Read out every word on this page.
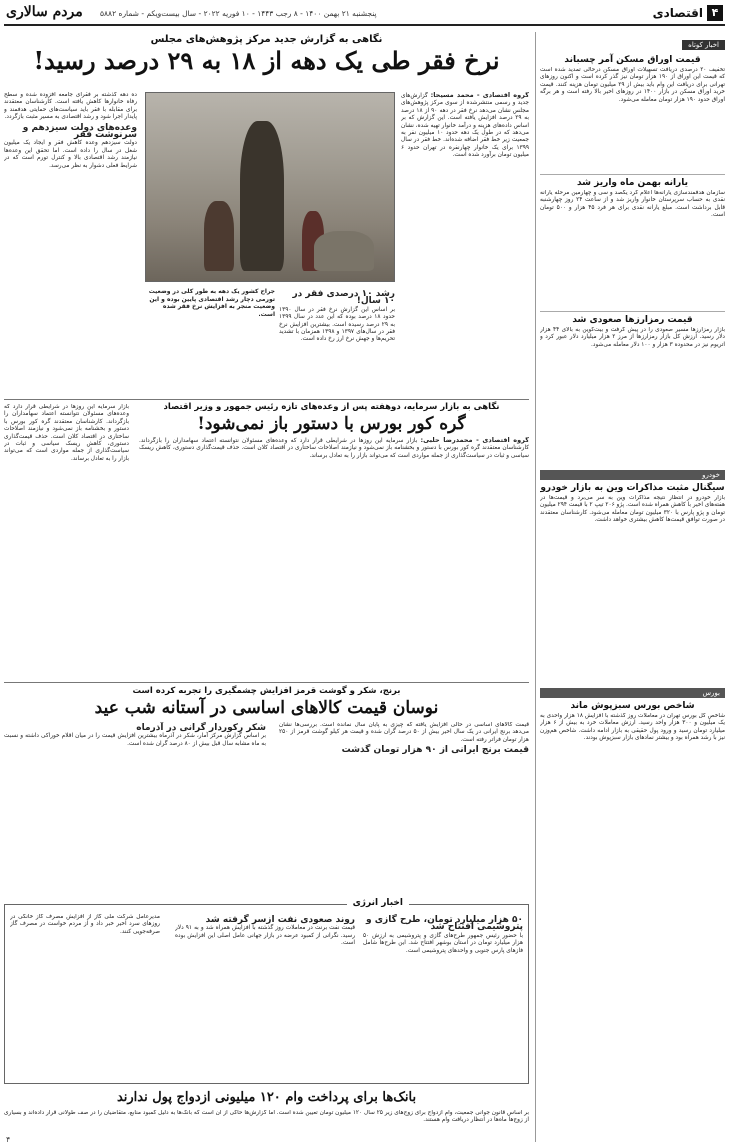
۴
اقتصادی
پنجشنبه ۲۱ بهمن ۱۴۰۰ - ۸ رجب ۱۴۴۳ - ۱۰ فوریه ۲۰۲۲ - سال بیست‌ویکم - شماره ۵۸۸۲
مردم سالاری
اخبار کوتاه
قیمت اوراق مسکن آمر چسباند
تخفیف ۲۰ درصدی دریافت تسهیلات اوراق مسکن درحالی تمدید شده است که قیمت این اوراق از ۱۹۰ هزار تومان نیز گذر کرده است و اکنون روزهای تهرانی برای دریافت این وام باید بیش از ۲۹ میلیون تومان هزینه کنند. قیمت خرید اوراق مسکن در بازار ۱۴۰۰ در روزهای اخیر بالا رفته است و هر برگه اوراق حدود ۱۹۰ هزار تومان معامله می‌شود.
یارانه بهمن ماه واریز شد
سازمان هدفمندسازی یارانه‌ها اعلام کرد یکصد و سی و چهارمین مرحله یارانه نقدی به حساب سرپرستان خانوار واریز شد و از ساعت ۲۴ روز چهارشنبه قابل برداشت است. مبلغ یارانه نقدی برای هر فرد ۴۵ هزار و ۵۰۰ تومان است.
قیمت رمزارزها صعودی شد
بازار رمزارزها مسیر صعودی را در پیش گرفت و بیت‌کوین به بالای ۴۴ هزار دلار رسید. ارزش کل بازار رمزارزها از مرز ۲ هزار میلیارد دلار عبور کرد و اتریوم نیز در محدوده ۳ هزار و ۱۰۰ دلار معامله می‌شود.
خودرو
سیگنال مثبت مذاکرات وین به بازار خودرو
بازار خودرو در انتظار نتیجه مذاکرات وین به سر می‌برد و قیمت‌ها در هفته‌های اخیر با کاهش همراه شده است. پژو ۲۰۶ تیپ ۲ با قیمت ۲۹۴ میلیون تومان و پژو پارس با ۳۲۰ میلیون تومان معامله می‌شود. کارشناسان معتقدند در صورت توافق قیمت‌ها کاهش بیشتری خواهد داشت.
بورس
شاخص بورس سبزپوش ماند
شاخص کل بورس تهران در معاملات روز گذشته با افزایش ۱۸ هزار واحدی به یک میلیون و ۳۰۰ هزار واحد رسید. ارزش معاملات خرد به بیش از ۶ هزار میلیارد تومان رسید و ورود پول حقیقی به بازار ادامه داشت. شاخص هم‌وزن نیز با رشد همراه بود و بیشتر نمادهای بازار سبزپوش بودند.
نگاهی به گزارش جدید مرکز پژوهش‌های مجلس
نرخ فقر طی یک دهه از ۱۸ به ۲۹ درصد رسید!
گروه اقتصادی - محمد مسیحا: گزارش‌های جدید و رسمی منتشرشده از سوی مرکز پژوهش‌های مجلس نشان می‌دهد نرخ فقر در دهه ۹۰ از ۱۸ درصد به ۲۹ درصد افزایش یافته است. این گزارش که بر اساس داده‌های هزینه و درآمد خانوار تهیه شده، نشان می‌دهد که در طول یک دهه حدود ۱۰ میلیون نفر به جمعیت زیر خط فقر اضافه شده‌اند. خط فقر در سال ۱۳۹۹ برای یک خانوار چهارنفره در تهران حدود ۶ میلیون تومان برآورد شده است.
ده دهه گذشته بر فقرای جامعه افزوده شده و سطح رفاه خانوارها کاهش یافته است. کارشناسان معتقدند برای مقابله با فقر باید سیاست‌های حمایتی هدفمند و پایدار اجرا شود و رشد اقتصادی به مسیر مثبت بازگردد.
وعده‌های دولت سیزدهم و سرنوشت فقر
دولت سیزدهم وعده کاهش فقر و ایجاد یک میلیون شغل در سال را داده است. اما تحقق این وعده‌ها نیازمند رشد اقتصادی بالا و کنترل تورم است که در شرایط فعلی دشوار به نظر می‌رسد.
جراح کشور یک دهه به طور کلی در وضعیت تورمی دچار رشد اقتصادی پایین بوده و این وضعیت منجر به افزایش نرخ فقر شده است.
رشد ۱۰ درصدی فقر در ۱۰ سال!
بر اساس این گزارش نرخ فقر در سال ۱۳۹۰ حدود ۱۸ درصد بوده که این عدد در سال ۱۳۹۹ به ۲۹ درصد رسیده است. بیشترین افزایش نرخ فقر در سال‌های ۱۳۹۷ و ۱۳۹۸ همزمان با تشدید تحریم‌ها و جهش نرخ ارز رخ داده است.
نگاهی به بازار سرمایه، دوهفته پس از وعده‌های تازه رئیس جمهور و وزیر اقتصاد
گره کور بورس با دستور باز نمی‌شود!
گروه اقتصادی - محمدرضا حلبی: بازار سرمایه این روزها در شرایطی قرار دارد که وعده‌های مسئولان نتوانسته اعتماد سهامداران را بازگرداند. کارشناسان معتقدند گره کور بورس با دستور و بخشنامه باز نمی‌شود و نیازمند اصلاحات ساختاری در اقتصاد کلان است. حذف قیمت‌گذاری دستوری، کاهش ریسک سیاسی و ثبات در سیاست‌گذاری از جمله مواردی است که می‌تواند بازار را به تعادل برساند.
بازار سرمایه این روزها در شرایطی قرار دارد که وعده‌های مسئولان نتوانسته اعتماد سهامداران را بازگرداند. کارشناسان معتقدند گره کور بورس با دستور و بخشنامه باز نمی‌شود و نیازمند اصلاحات ساختاری در اقتصاد کلان است. حذف قیمت‌گذاری دستوری، کاهش ریسک سیاسی و ثبات در سیاست‌گذاری از جمله مواردی است که می‌تواند بازار را به تعادل برساند.
برنج، شکر و گوشت قرمز افزایش چشمگیری را تجربه کرده است
نوسان قیمت کالاهای اساسی در آستانه شب عید
قیمت کالاهای اساسی در حالی افزایش یافته که چیزی به پایان سال نمانده است. بررسی‌ها نشان می‌دهد برنج ایرانی در یک سال اخیر بیش از ۵۰ درصد گران شده و قیمت هر کیلو گوشت قرمز از ۲۵۰ هزار تومان فراتر رفته است.
قیمت برنج ایرانی از ۹۰ هزار تومان گذشت
شکر رکوردار گرانی در آذرماه
بر اساس گزارش مرکز آمار، شکر در آذرماه بیشترین افزایش قیمت را در میان اقلام خوراکی داشته و نسبت به ماه مشابه سال قبل بیش از ۸۰ درصد گران شده است.
اخبار انرژی
۵۰ هزار میلیارد تومان، طرح گازی و پتروشیمی افتتاح شد
با حضور رئیس جمهور طرح‌های گازی و پتروشیمی به ارزش ۵۰ هزار میلیارد تومان در استان بوشهر افتتاح شد. این طرح‌ها شامل فازهای پارس جنوبی و واحدهای پتروشیمی است.
روند صعودی نفت ازسر گرفته شد
قیمت نفت برنت در معاملات روز گذشته با افزایش همراه شد و به ۹۱ دلار رسید. نگرانی از کمبود عرضه در بازار جهانی عامل اصلی این افزایش بوده است.
مدیرعامل شرکت ملی گاز از افزایش مصرف گاز خانگی در روزهای سرد اخیر خبر داد و از مردم خواست در مصرف گاز صرفه‌جویی کنند.
بانک‌ها برای پرداخت وام ۱۲۰ میلیونی ازدواج پول ندارند
بر اساس قانون جوانی جمعیت، وام ازدواج برای زوج‌های زیر ۲۵ سال ۱۲۰ میلیون تومان تعیین شده است. اما گزارش‌ها حاکی از آن است که بانک‌ها به دلیل کمبود منابع، متقاضیان را در صف طولانی قرار داده‌اند و بسیاری از زوج‌ها ماه‌ها در انتظار دریافت وام هستند.
۴
